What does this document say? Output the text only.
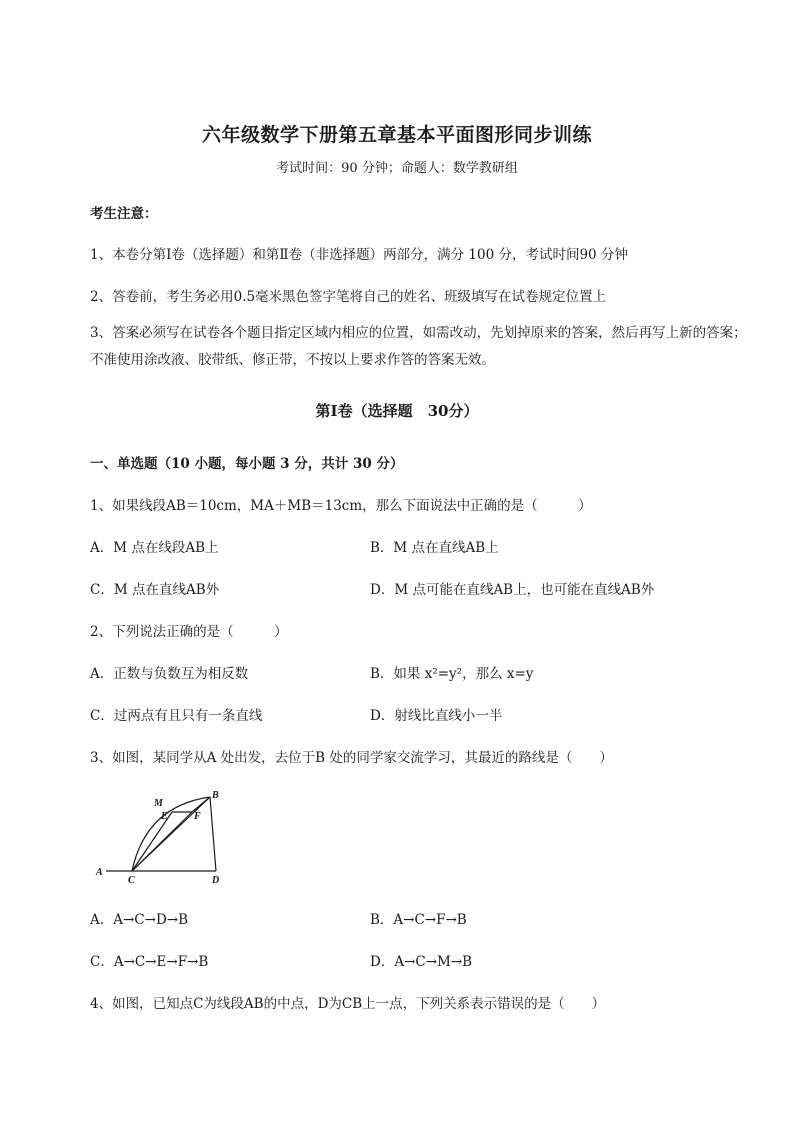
六年级数学下册第五章基本平面图形同步训练
考试时间：90 分钟；命题人：数学教研组
考生注意：
1、本卷分第Ⅰ卷（选择题）和第Ⅱ卷（非选择题）两部分，满分 100 分，考试时间90 分钟
2、答卷前，考生务必用0.5毫米黑色签字笔将自己的姓名、班级填写在试卷规定位置上
3、答案必须写在试卷各个题目指定区域内相应的位置，如需改动，先划掉原来的答案，然后再写上新的答案；不准使用涂改液、胶带纸、修正带，不按以上要求作答的答案无效。
第Ⅰ卷（选择题　30分）
一、单选题（10 小题，每小题 3 分，共计 30 分）
1、如果线段AB＝10cm，MA＋MB＝13cm，那么下面说法中正确的是（　　　）
A．M 点在线段AB上	B．M 点在直线AB上
C．M 点在直线AB外	D．M 点可能在直线AB上，也可能在直线AB外
2、下列说法正确的是（　　　）
A．正数与负数互为相反数	B．如果 x²=y²，那么 x=y
C．过两点有且只有一条直线	D．射线比直线小一半
3、如图，某同学从A 处出发，去位于B 处的同学家交流学习，其最近的路线是（　　）
M
B
E	F
A
C	D
A．A→C→D→B	B．A→C→F→B
C．A→C→E→F→B	D．A→C→M→B
4、如图，已知点C为线段AB的中点，D为CB上一点，下列关系表示错误的是（　　）
